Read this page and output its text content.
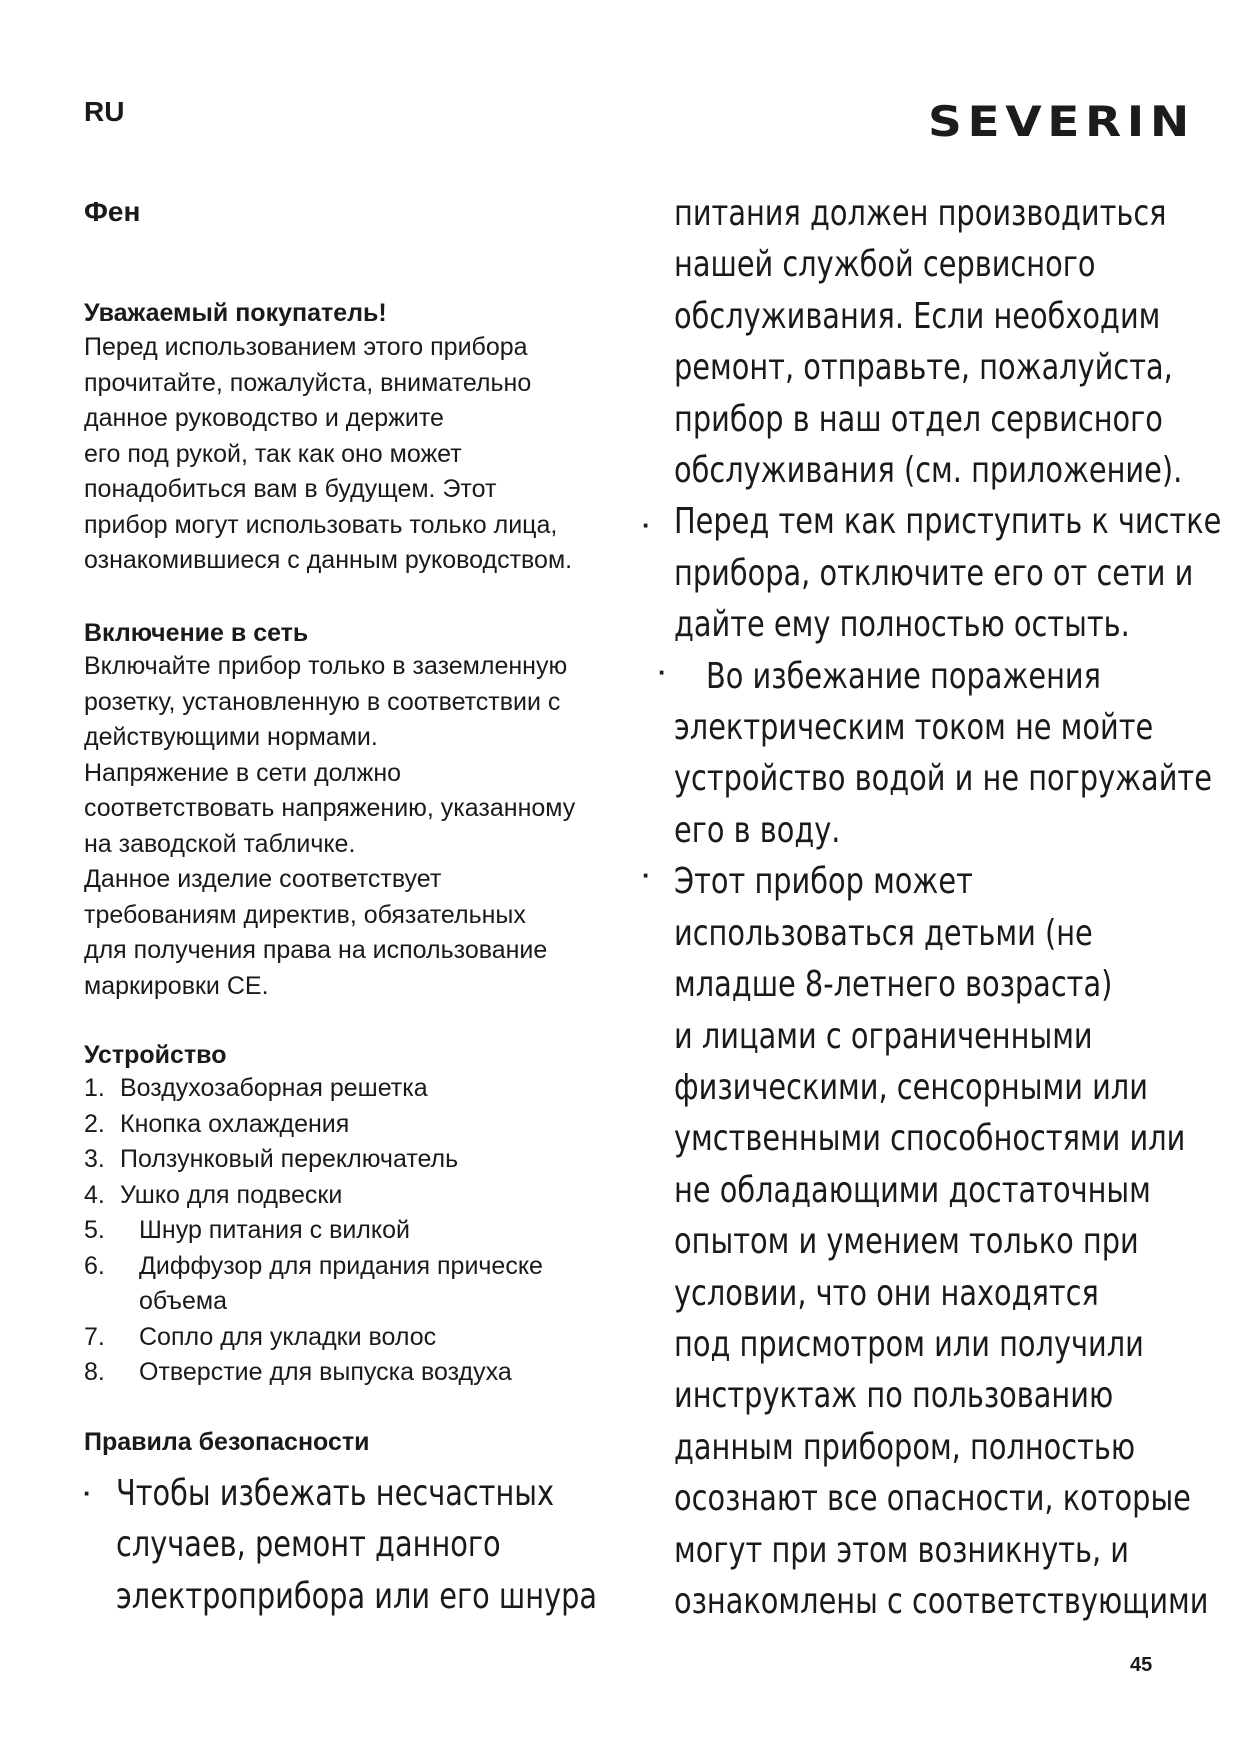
RU	SEVERIN
Фен
Уважаемый покупатель!
Перед использованием этого прибора
прочитайте, пожалуйста, внимательно
данное руководство и держите
его под рукой, так как оно может
понадобиться вам в будущем. Этот
прибор могут использовать только лица,
ознакомившиеся с данным руководством.
Включение в сеть
Включайте прибор только в заземленную
розетку, установленную в соответствии с
действующими нормами.
Напряжение в сети должно
соответствовать напряжению, указанному
на заводской табличке.
Данное изделие соответствует
требованиям директив, обязательных
для получения права на использование
маркировки CE.
Устройство
1. Воздухозаборная решетка
2. Кнопка охлаждения
3. Ползунковый переключатель
4. Ушко для подвески
5. Шнур питания с вилкой
6. Диффузор для придания прическе
объема
7. Сопло для укладки волос
8. Отверстие для выпуска воздуха
Правила безопасности
· Чтобы избежать несчастных
случаев, ремонт данного
электроприбора или его шнура
·
·
·
питания должен производиться
нашей службой сервисного
обслуживания. Если необходим
ремонт, отправьте, пожалуйста,
прибор в наш отдел сервисного
обслуживания (см. приложение).
Перед тем как приступить к чистке
прибора, отключите его от сети и
дайте ему полностью остыть.
Во избежание поражения
электрическим током не мойте
устройство водой и не погружайте
его в воду.
Этот прибор может
использоваться детьми (не
младше 8-летнего возраста)
и лицами с ограниченными
физическими, сенсорными или
умственными способностями или
не обладающими достаточным
опытом и умением только при
условии, что они находятся
под присмотром или получили
инструктаж по пользованию
данным прибором, полностью
осознают все опасности, которые
могут при этом возникнуть, и
ознакомлены с соответствующими
45
